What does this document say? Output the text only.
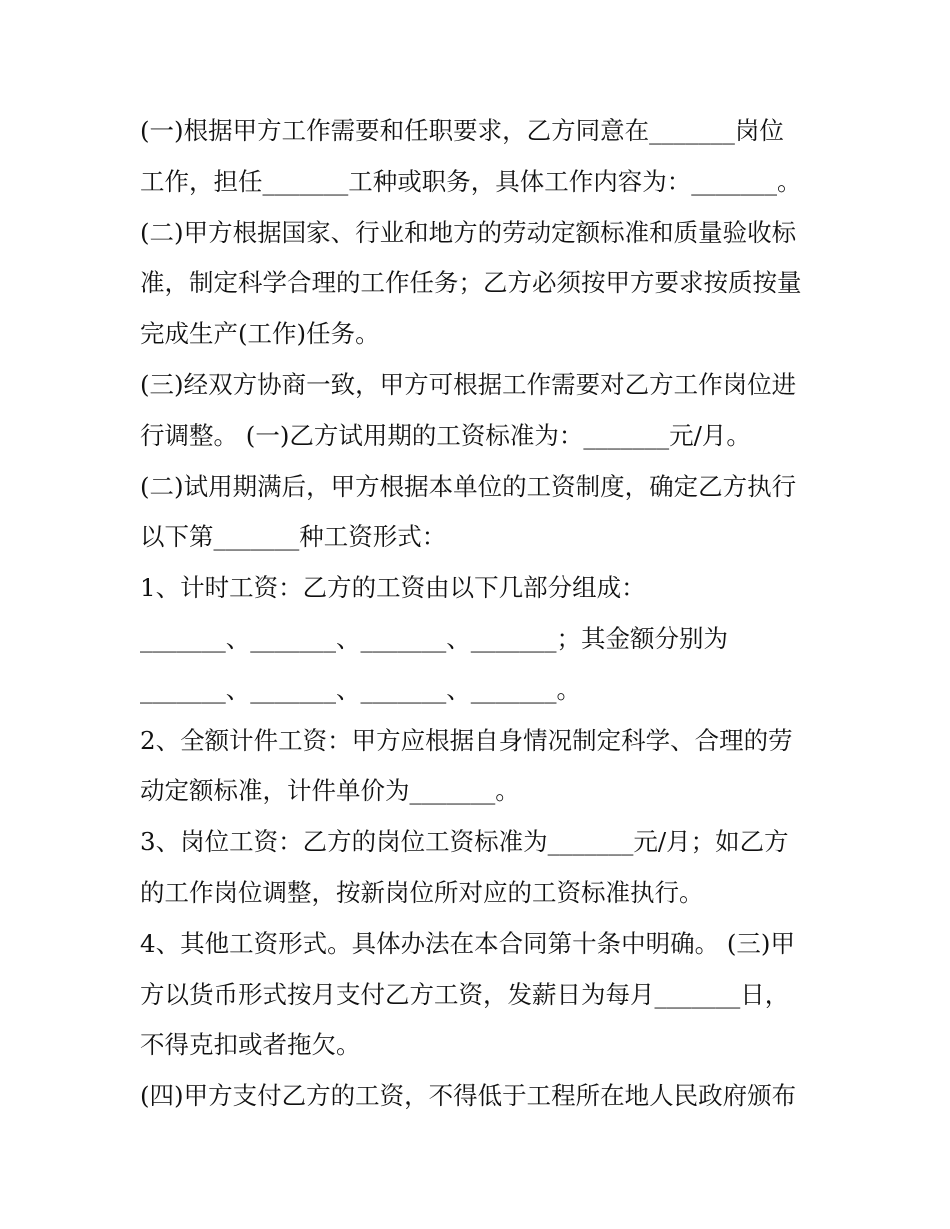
(一)根据甲方工作需要和任职要求，乙方同意在_______岗位
工作，担任_______工种或职务，具体工作内容为：_______。
(二)甲方根据国家、行业和地方的劳动定额标准和质量验收标
准，制定科学合理的工作任务；乙方必须按甲方要求按质按量
完成生产(工作)任务。
(三)经双方协商一致，甲方可根据工作需要对乙方工作岗位进
行调整。 (一)乙方试用期的工资标准为：_______元/月。
(二)试用期满后，甲方根据本单位的工资制度，确定乙方执行
以下第_______种工资形式：
1、计时工资：乙方的工资由以下几部分组成：
_______、_______、_______、_______；其金额分别为
_______、_______、_______、_______。
2、全额计件工资：甲方应根据自身情况制定科学、合理的劳
动定额标准，计件单价为_______。
3、岗位工资：乙方的岗位工资标准为_______元/月；如乙方
的工作岗位调整，按新岗位所对应的工资标准执行。
4、其他工资形式。具体办法在本合同第十条中明确。 (三)甲
方以货币形式按月支付乙方工资，发薪日为每月_______日，
不得克扣或者拖欠。
(四)甲方支付乙方的工资，不得低于工程所在地人民政府颁布
